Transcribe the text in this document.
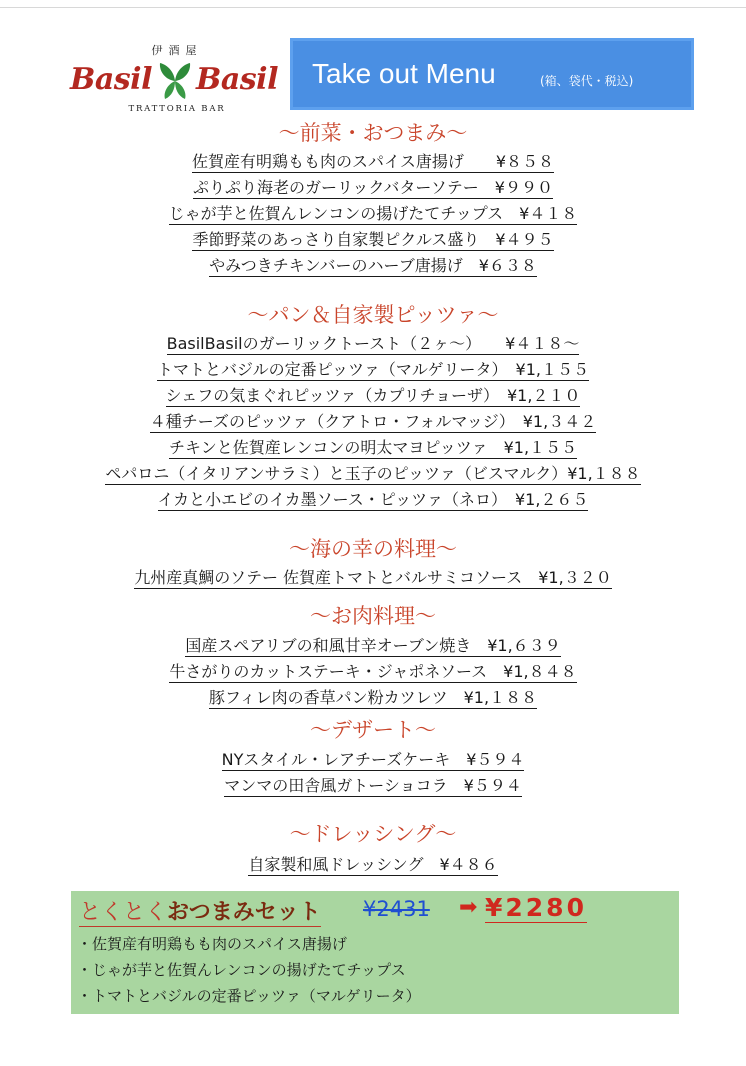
伊酒屋
Basil Basil
TRATTORIA BAR
Take out Menu	(箱、袋代・税込)
〜前菜・おつまみ〜
佐賀産有明鶏もも肉のスパイス唐揚げ　　¥８５８
ぷりぷり海老のガーリックバターソテー　¥９９０
じゃが芋と佐賀んレンコンの揚げたてチップス　¥４１８
季節野菜のあっさり自家製ピクルス盛り　¥４９５
やみつきチキンバーのハーブ唐揚げ　¥６３８
〜パン＆自家製ピッツァ〜
BasilBasilのガーリックトースト（２ヶ〜）　　¥４１８〜
トマトとバジルの定番ピッツァ（マルゲリータ）　¥1,１５５
シェフの気まぐれピッツァ（カプリチョーザ）　¥1,２１０
４種チーズのピッツァ（クアトロ・フォルマッジ）　¥1,３４２
チキンと佐賀産レンコンの明太マヨピッツァ　¥1,１５５
ペパロニ（イタリアンサラミ）と玉子のピッツァ（ビスマルク）¥1,１８８
イカと小エビのイカ墨ソース・ピッツァ（ネロ）　¥1,２６５
〜海の幸の料理〜
九州産真鯛のソテー 佐賀産トマトとバルサミコソース　¥1,３２０
〜お肉料理〜
国産スペアリブの和風甘辛オーブン焼き　¥1,６３９
牛さがりのカットステーキ・ジャポネソース　¥1,８４８
豚フィレ肉の香草パン粉カツレツ　¥1,１８８
〜デザート〜
NYスタイル・レアチーズケーキ　¥５９４
マンマの田舎風ガトーショコラ　¥５９４
〜ドレッシング〜
自家製和風ドレッシング　¥４８６
とくとくおつまみセット ¥2431 ➡ ¥2280
・佐賀産有明鶏もも肉のスパイス唐揚げ
・じゃが芋と佐賀んレンコンの揚げたてチップス
・トマトとバジルの定番ピッツァ（マルゲリータ）
